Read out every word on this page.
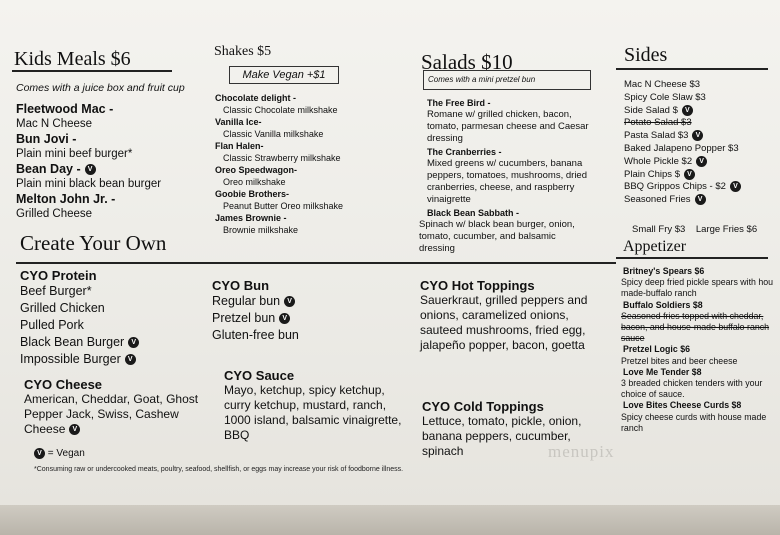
Kids Meals $6
Comes with a juice box and fruit cup
Fleetwood Mac -
Mac N Cheese
Bun Jovi -
Plain mini beef burger*
Bean Day - V
Plain mini black bean burger
Melton John Jr. -
Grilled Cheese
Shakes $5
Make Vegan +$1
Chocolate delight -
Classic Chocolate milkshake
Vanilla Ice-
Classic Vanilla milkshake
Flan Halen-
Classic Strawberry milkshake
Oreo Speedwagon-
Oreo milkshake
Goobie Brothers-
Peanut Butter Oreo milkshake
James Brownie -
Brownie milkshake
Salads $10
Comes with a mini pretzel bun
The Free Bird -
Romane w/ grilled chicken, bacon, tomato, parmesan cheese and Caesar dressing
The Cranberries -
Mixed greens w/ cucumbers, banana peppers, tomatoes, mushrooms, dried cranberries, cheese, and raspberry vinaigrette
Black Bean Sabbath -
Spinach w/ black bean burger, onion, tomato, cucumber, and balsamic dressing
Sides
Mac N Cheese $3
Spicy Cole Slaw $3
Side Salad $ V
Potato Salad $3
Pasta Salad $3 V
Baked Jalapeno Popper $3
Whole Pickle $2 V
Plain Chips $ V
BBQ Grippos Chips - $2 V
Seasoned Fries V
Small Fry $3    Large Fries $6
Appetizer
Britney's Spears $6
Spicy deep fried pickle spears with hou made-buffalo ranch
Buffalo Soldiers $8
Seasoned fries topped with cheddar, bacon, and house-made buffalo ranch sauce
Pretzel Logic $6
Pretzel bites and beer cheese
Love Me Tender $8
3 breaded chicken tenders with your choice of sauce.
Love Bites Cheese Curds $8
Spicy cheese curds with house made ranch
Create Your Own
CYO Protein
Beef Burger*
Grilled Chicken
Pulled Pork
Black Bean Burger V
Impossible Burger V
CYO Cheese
American, Cheddar, Goat, Ghost Pepper Jack, Swiss, Cashew Cheese V
CYO Bun
Regular bun V
Pretzel bun V
Gluten-free bun
CYO Sauce
Mayo, ketchup, spicy ketchup, curry ketchup, mustard, ranch, 1000 island, balsamic vinaigrette, BBQ
CYO Hot Toppings
Sauerkraut, grilled peppers and onions, caramelized onions, sauteed mushrooms, fried egg, jalapeño popper, bacon, goetta
CYO Cold Toppings
Lettuce, tomato, pickle, onion, banana peppers, cucumber, spinach
V = Vegan
*Consuming raw or undercooked meats, poultry, seafood, shellfish, or eggs may increase your risk of foodborne illness.
menupix
